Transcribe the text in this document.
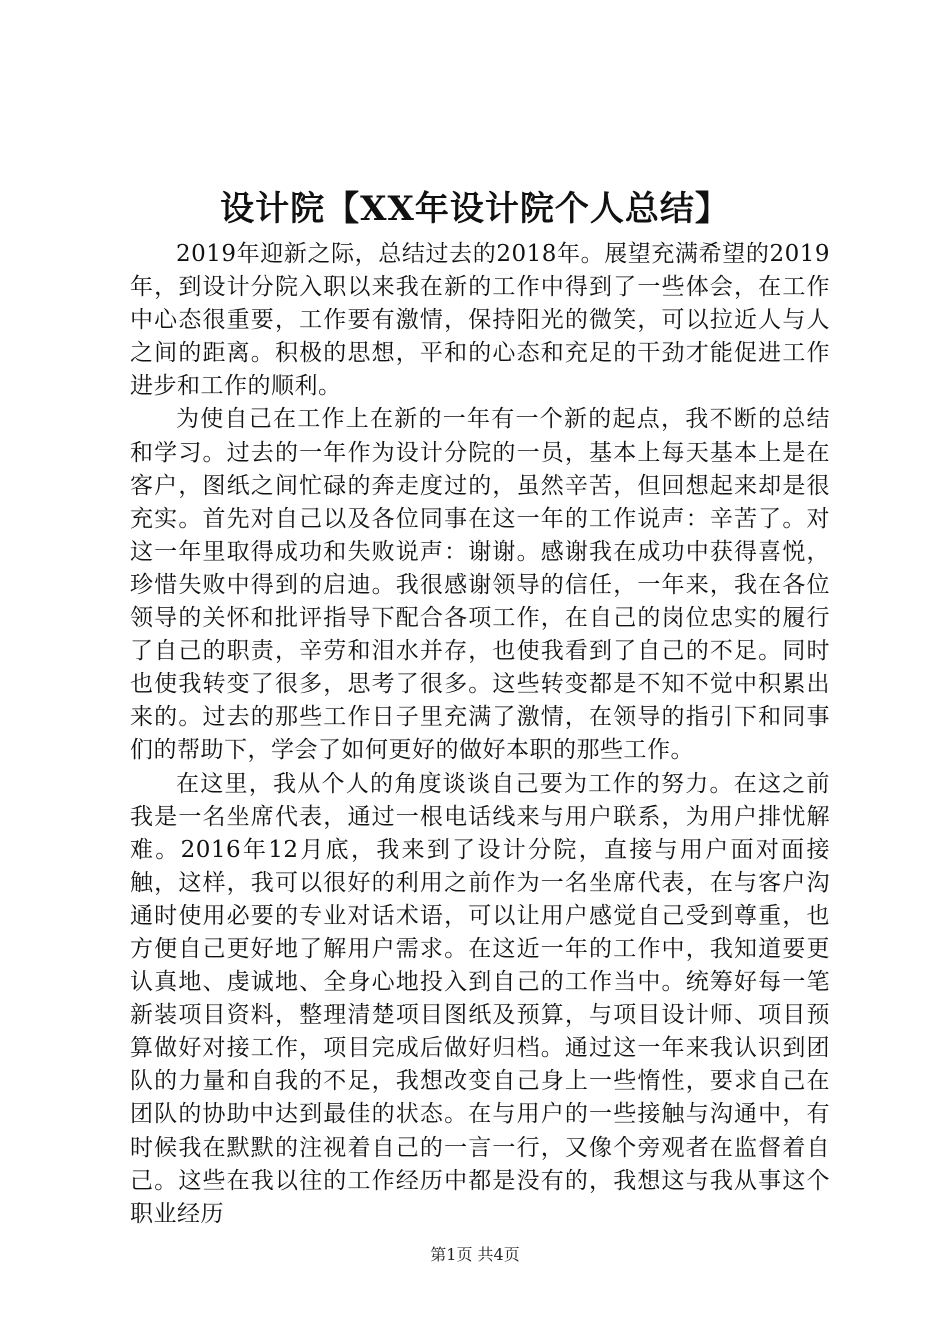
设计院【XX年设计院个人总结】

2019年迎新之际，总结过去的2018年。展望充满希望的2019年，到设计分院入职以来我在新的工作中得到了一些体会，在工作中心态很重要，工作要有激情，保持阳光的微笑，可以拉近人与人之间的距离。积极的思想，平和的心态和充足的干劲才能促进工作进步和工作的顺利。

为使自己在工作上在新的一年有一个新的起点，我不断的总结和学习。过去的一年作为设计分院的一员，基本上每天基本上是在客户，图纸之间忙碌的奔走度过的，虽然辛苦，但回想起来却是很充实。首先对自己以及各位同事在这一年的工作说声：辛苦了。对这一年里取得成功和失败说声：谢谢。感谢我在成功中获得喜悦，珍惜失败中得到的启迪。我很感谢领导的信任，一年来，我在各位领导的关怀和批评指导下配合各项工作，在自己的岗位忠实的履行了自己的职责，辛劳和泪水并存，也使我看到了自己的不足。同时也使我转变了很多，思考了很多。这些转变都是不知不觉中积累出来的。过去的那些工作日子里充满了激情，在领导的指引下和同事们的帮助下，学会了如何更好的做好本职的那些工作。

在这里，我从个人的角度谈谈自己要为工作的努力。在这之前我是一名坐席代表，通过一根电话线来与用户联系，为用户排忧解难。2016年12月底，我来到了设计分院，直接与用户面对面接触，这样，我可以很好的利用之前作为一名坐席代表，在与客户沟通时使用必要的专业对话术语，可以让用户感觉自己受到尊重，也方便自己更好地了解用户需求。在这近一年的工作中，我知道要更认真地、虔诚地、全身心地投入到自己的工作当中。统筹好每一笔新装项目资料，整理清楚项目图纸及预算，与项目设计师、项目预算做好对接工作，项目完成后做好归档。通过这一年来我认识到团队的力量和自我的不足，我想改变自己身上一些惰性，要求自己在团队的协助中达到最佳的状态。在与用户的一些接触与沟通中，有时候我在默默的注视着自己的一言一行，又像个旁观者在监督着自己。这些在我以往的工作经历中都是没有的，我想这与我从事这个职业经历

第1页 共4页
